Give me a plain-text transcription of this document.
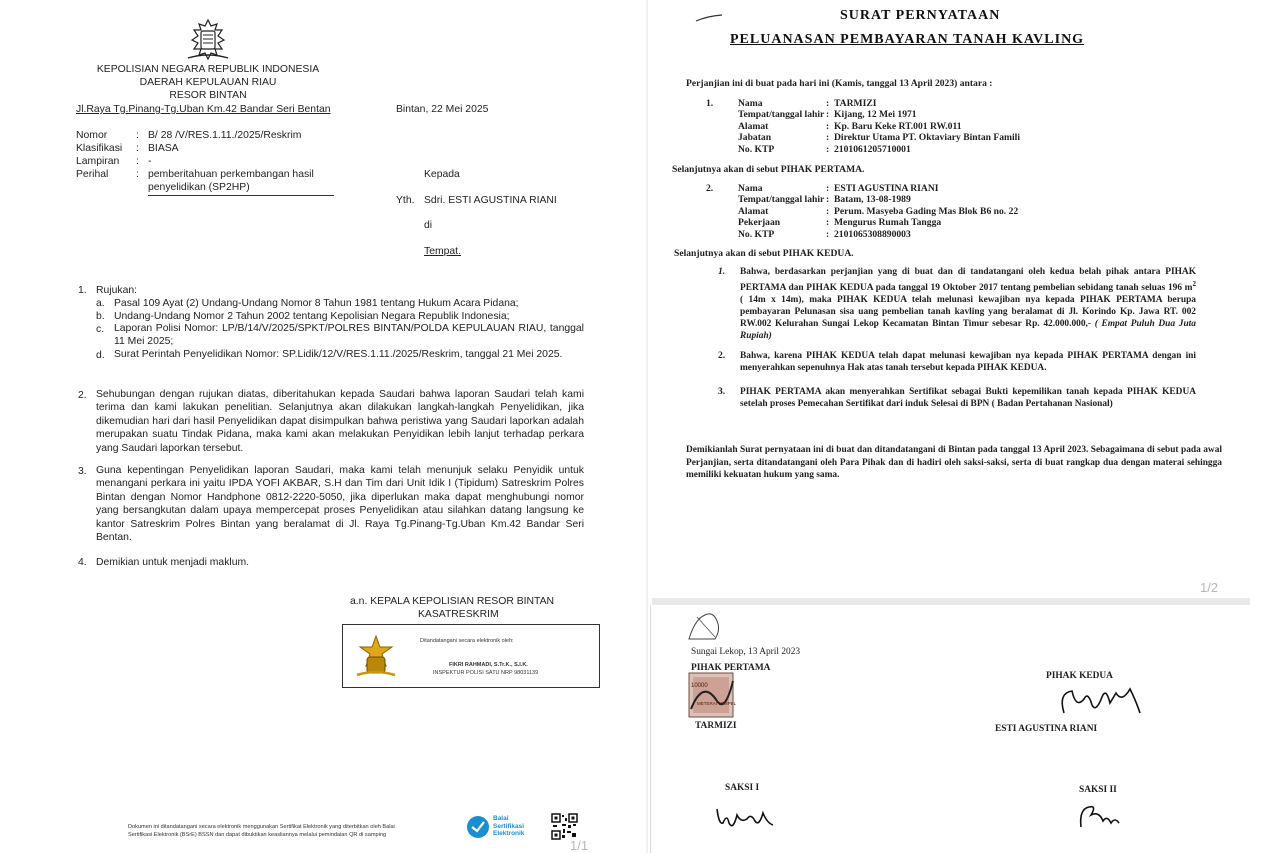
KEPOLISIAN NEGARA REPUBLIK INDONESIA
DAERAH KEPULAUAN RIAU
RESOR BINTAN
Jl.Raya Tg.Pinang-Tg.Uban Km.42 Bandar Seri Bentan	Bintan, 22 Mei 2025
Nomor	: B/ 28 /V/RES.1.11./2025/Reskrim
Klasifikasi : BIASA
Lampiran : -
Perihal	: pemberitahuan perkembangan hasil
penyelidikan (SP2HP)
Kepada
Yth. Sdri. ESTI AGUSTINA RIANI
di
Tempat.
1. Rujukan:
a. Pasal 109 Ayat (2) Undang-Undang Nomor 8 Tahun 1981 tentang Hukum Acara Pidana;
b. Undang-Undang Nomor 2 Tahun 2002 tentang Kepolisian Negara Republik Indonesia;
c. Laporan Polisi Nomor: LP/B/14/V/2025/SPKT/POLRES BINTAN/POLDA KEPULAUAN RIAU, tanggal 11 Mei 2025;
d. Surat Perintah Penyelidikan Nomor: SP.Lidik/12/V/RES.1.11./2025/Reskrim, tanggal 21 Mei 2025.
2. Sehubungan dengan rujukan diatas, diberitahukan kepada Saudari bahwa laporan Saudari telah kami terima dan kami lakukan penelitian. Selanjutnya akan dilakukan langkah-langkah Penyelidikan, jika dikemudian hari dari hasil Penyelidikan dapat disimpulkan bahwa peristiwa yang Saudari laporkan adalah merupakan suatu Tindak Pidana, maka kami akan melakukan Penyidikan lebih lanjut terhadap perkara yang Saudari laporkan tersebut.
3. Guna kepentingan Penyelidikan laporan Saudari, maka kami telah menunjuk selaku Penyidik untuk menangani perkara ini yaitu IPDA YOFI AKBAR, S.H dan Tim dari Unit Idik I (Tipidum) Satreskrim Polres Bintan dengan Nomor Handphone 0812-2220-5050, jika diperlukan maka dapat menghubungi nomor yang bersangkutan dalam upaya mempercepat proses Penyelidikan atau silahkan datang langsung ke kantor Satreskrim Polres Bintan yang beralamat di Jl. Raya Tg.Pinang-Tg.Uban Km.42 Bandar Seri Bentan.
4. Demikian untuk menjadi maklum.
a.n. KEPALA KEPOLISIAN RESOR BINTAN
KASATRESKRIM
Ditandatangani secara elektronik oleh:
FIKRI RAHMADI, S.Tr.K., S.I.K.
INSPEKTUR POLISI SATU NRP 98031139
Dokumen ini ditandatangani secara elektronik menggunakan Sertifikat Elektronik yang diterbitkan oleh Balai
Sertifikasi Elektronik (BSrE) BSSN dan dapat dibuktikan keasliannya melalui pemindaian QR di samping
Balai
Sertifikasi
Elektronik
1/1
SURAT PERNYATAAN
PELUANASAN PEMBAYARAN TANAH KAVLING
Perjanjian ini di buat pada hari ini (Kamis, tanggal 13 April 2023) antara :
1.	Nama	: TARMIZI
Tempat/tanggal lahir : Kijang, 12 Mei 1971
Alamat	: Kp. Baru Keke RT.001 RW.011
Jabatan	: Direktur Utama PT. Oktaviary Bintan Famili
No. KTP	: 2101061205710001
Selanjutnya akan di sebut PIHAK PERTAMA.
2.	Nama	: ESTI AGUSTINA RIANI
Tempat/tanggal lahir : Batam, 13-08-1989
Alamat	: Perum. Masyeba Gading Mas Blok B6 no. 22
Pekerjaan	: Mengurus Rumah Tangga
No. KTP	: 2101065308890003
Selanjutnya akan di sebut PIHAK KEDUA.
1. Bahwa, berdasarkan perjanjian yang di buat dan di tandatangani oleh kedua belah pihak antara PIHAK PERTAMA dan PIHAK KEDUA pada tanggal 19 Oktober 2017 tentang pembelian sebidang tanah seluas 196 $m^2$ ( 14m x 14m), maka PIHAK KEDUA telah melunasi kewajiban nya kepada PIHAK PERTAMA berupa pembayaran Pelunasan sisa uang pembelian tanah kavling yang beralamat di Jl. Korindo Kp. Jawa RT. 002 RW.002 Kelurahan Sungai Lekop Kecamatan Bintan Timur sebesar Rp. 42.000.000,- ( Empat Puluh Dua Juta Rupiah)
2. Bahwa, karena PIHAK KEDUA telah dapat melunasi kewajiban nya kepada PIHAK PERTAMA dengan ini menyerahkan sepenuhnya Hak atas tanah tersebut kepada PIHAK KEDUA.
3. PIHAK PERTAMA akan menyerahkan Sertifikat sebagai Bukti kepemilikan tanah kepada PIHAK KEDUA setelah proses Pemecahan Sertifikat dari induk Selesai di BPN ( Badan Pertahanan Nasional)
Demikianlah Surat pernyataan ini di buat dan ditandatangani di Bintan pada tanggal 13 April 2023. Sebagaimana di sebut pada awal Perjanjian, serta ditandatangani oleh Para Pihak dan di hadiri oleh saksi-saksi, serta di buat rangkap dua dengan materai sehingga memiliki kekuatan hukum yang sama.
1/2
Sungai Lekop, 13 April 2023
PIHAK PERTAMA
10000
METERAI TEMPEL
TARMIZI
PIHAK KEDUA
ESTI AGUSTINA RIANI
SAKSI I	SAKSI II
